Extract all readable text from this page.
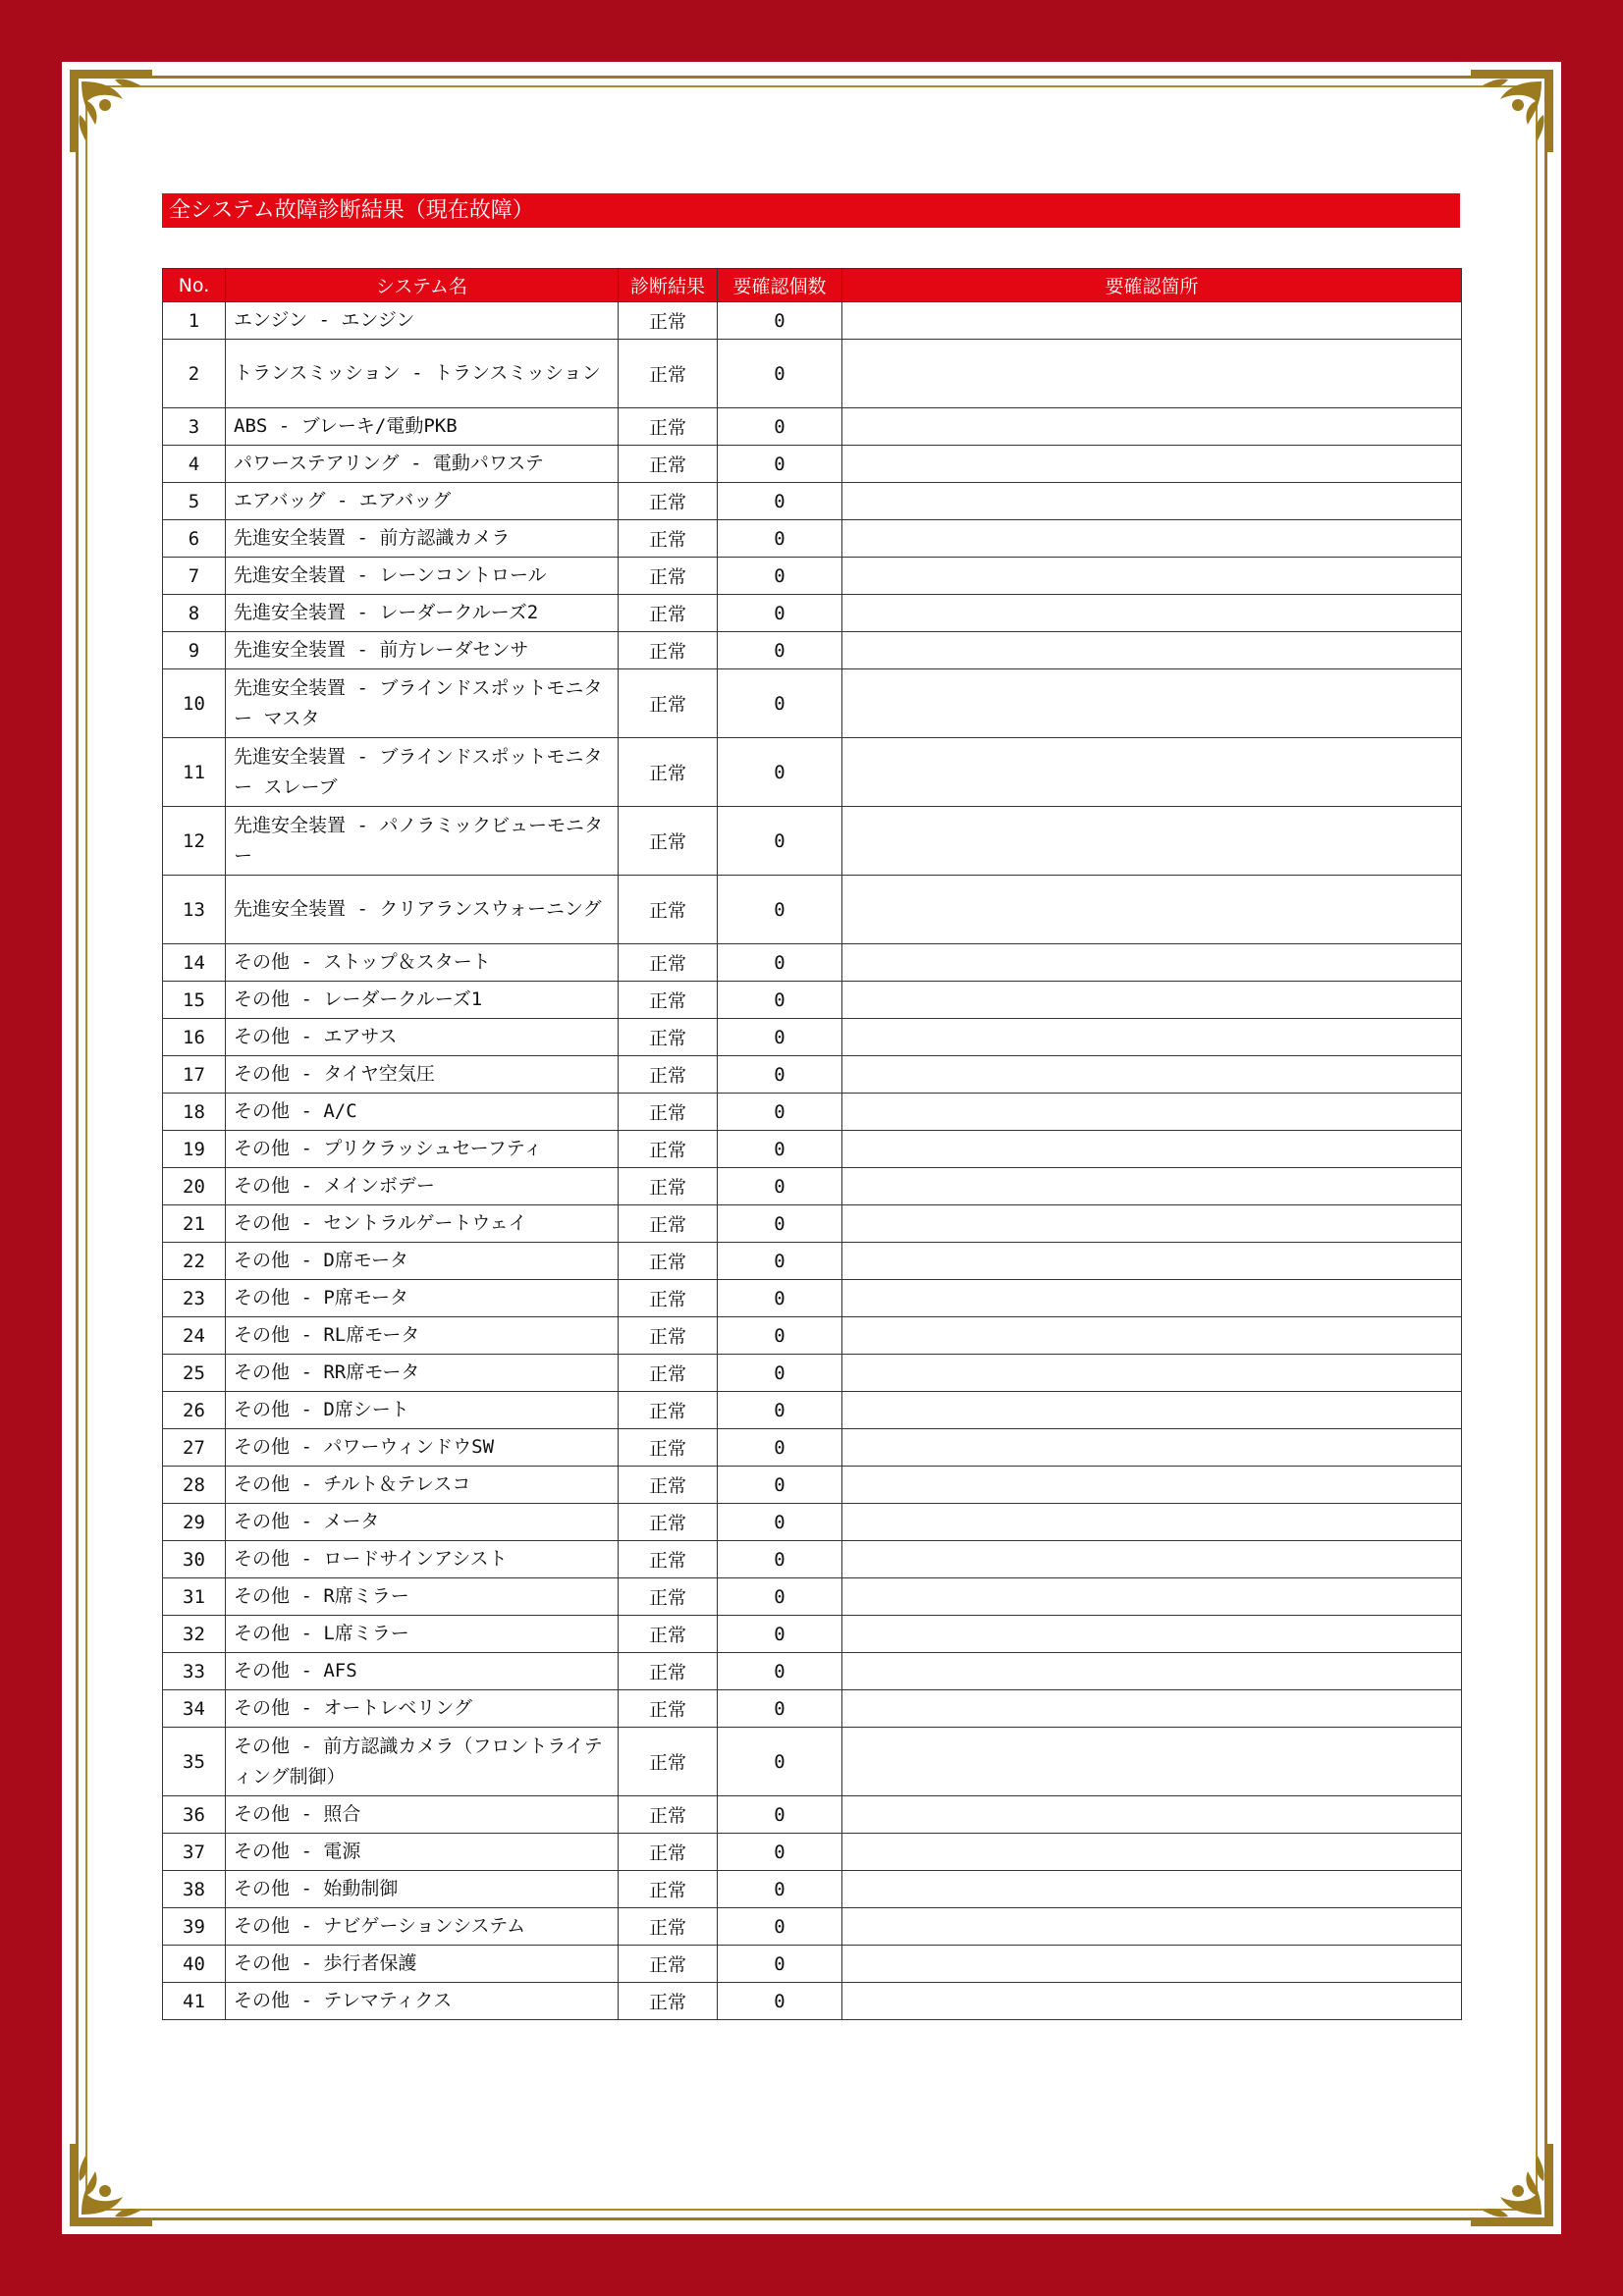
全システム故障診断結果（現在故障）
No.	システム名	診断結果	要確認個数	要確認箇所
1	エンジン - エンジン	正常	0	
2	トランスミッション - トランスミッション	正常	0	
3	ABS - ブレーキ/電動PKB	正常	0	
4	パワーステアリング - 電動パワステ	正常	0	
5	エアバッグ - エアバッグ	正常	0	
6	先進安全装置 - 前方認識カメラ	正常	0	
7	先進安全装置 - レーンコントロール	正常	0	
8	先進安全装置 - レーダークルーズ2	正常	0	
9	先進安全装置 - 前方レーダセンサ	正常	0	
10	先進安全装置 - ブラインドスポットモニター マスタ	正常	0	
11	先進安全装置 - ブラインドスポットモニター スレーブ	正常	0	
12	先進安全装置 - パノラミックビューモニター	正常	0	
13	先進安全装置 - クリアランスウォーニング	正常	0	
14	その他 - ストップ＆スタート	正常	0	
15	その他 - レーダークルーズ1	正常	0	
16	その他 - エアサス	正常	0	
17	その他 - タイヤ空気圧	正常	0	
18	その他 - A/C	正常	0	
19	その他 - プリクラッシュセーフティ	正常	0	
20	その他 - メインボデー	正常	0	
21	その他 - セントラルゲートウェイ	正常	0	
22	その他 - D席モータ	正常	0	
23	その他 - P席モータ	正常	0	
24	その他 - RL席モータ	正常	0	
25	その他 - RR席モータ	正常	0	
26	その他 - D席シート	正常	0	
27	その他 - パワーウィンドウSW	正常	0	
28	その他 - チルト＆テレスコ	正常	0	
29	その他 - メータ	正常	0	
30	その他 - ロードサインアシスト	正常	0	
31	その他 - R席ミラー	正常	0	
32	その他 - L席ミラー	正常	0	
33	その他 - AFS	正常	0	
34	その他 - オートレベリング	正常	0	
35	その他 - 前方認識カメラ（フロントライティング制御）	正常	0	
36	その他 - 照合	正常	0	
37	その他 - 電源	正常	0	
38	その他 - 始動制御	正常	0	
39	その他 - ナビゲーションシステム	正常	0	
40	その他 - 歩行者保護	正常	0	
41	その他 - テレマティクス	正常	0	
